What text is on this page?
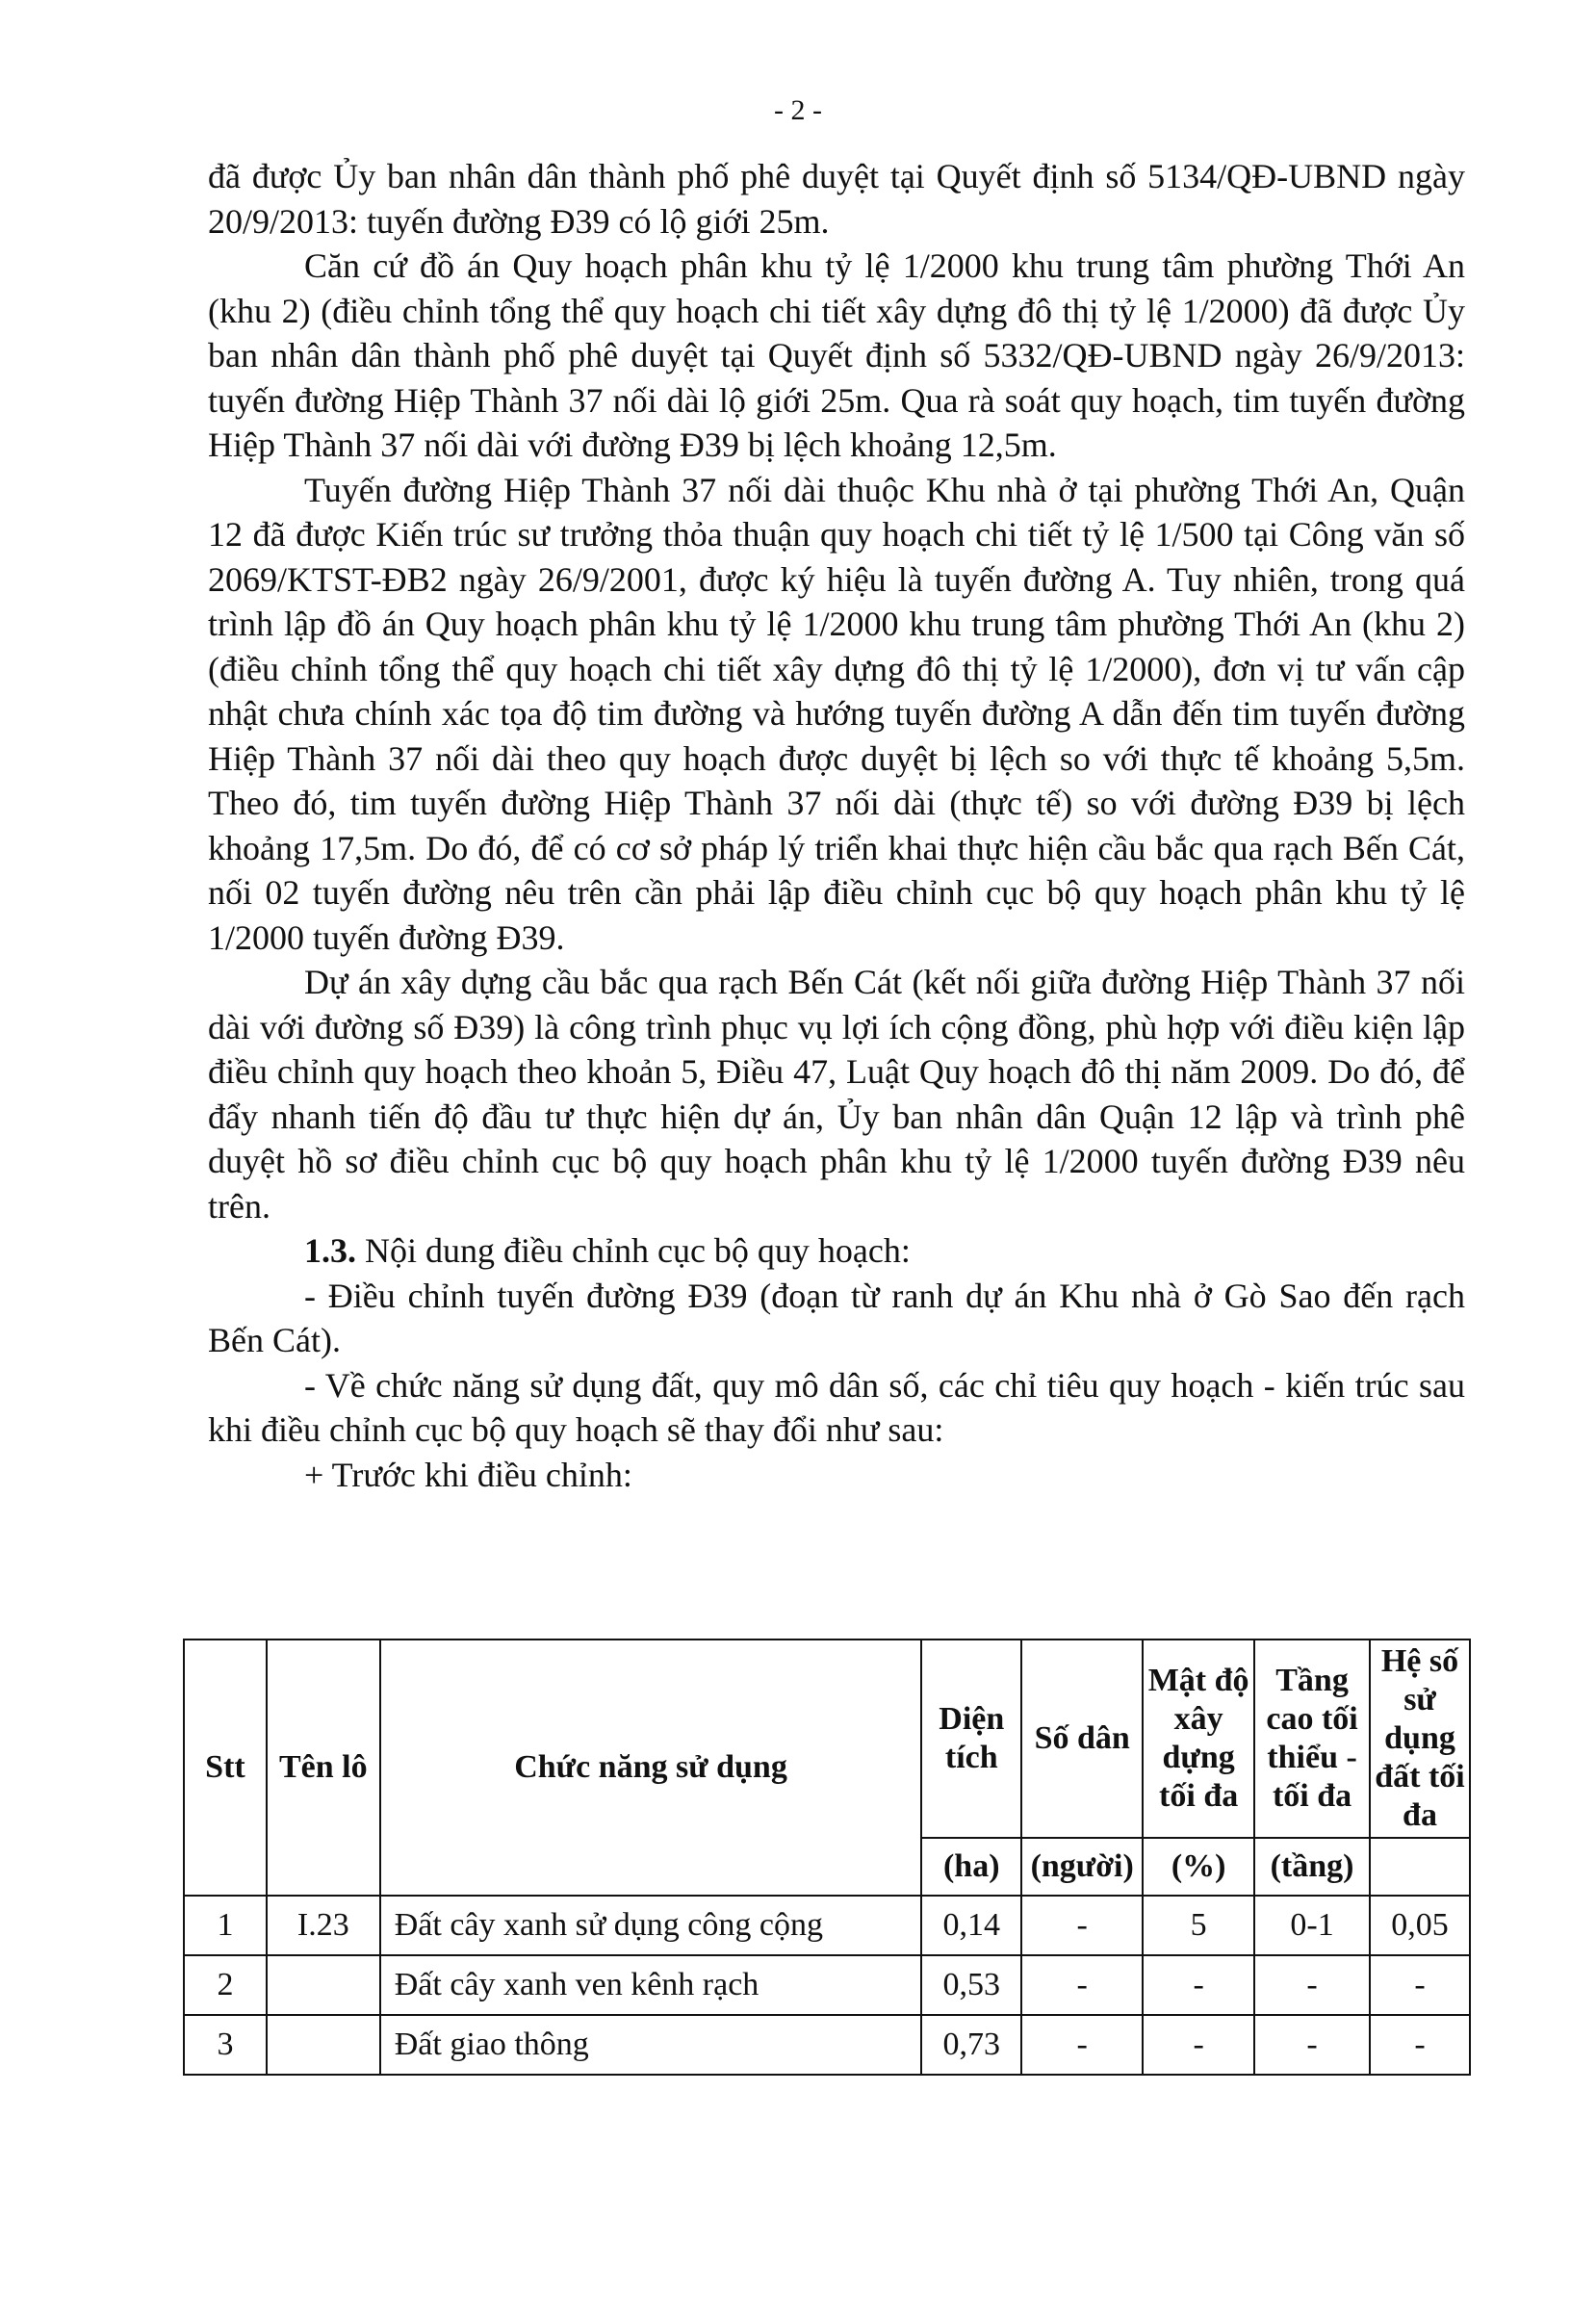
- 2 -

đã được Ủy ban nhân dân thành phố phê duyệt tại Quyết định số 5134/QĐ-UBND ngày 20/9/2013: tuyến đường Đ39 có lộ giới 25m.

Căn cứ đồ án Quy hoạch phân khu tỷ lệ 1/2000 khu trung tâm phường Thới An (khu 2) (điều chỉnh tổng thể quy hoạch chi tiết xây dựng đô thị tỷ lệ 1/2000) đã được Ủy ban nhân dân thành phố phê duyệt tại Quyết định số 5332/QĐ-UBND ngày 26/9/2013: tuyến đường Hiệp Thành 37 nối dài lộ giới 25m. Qua rà soát quy hoạch, tim tuyến đường Hiệp Thành 37 nối dài với đường Đ39 bị lệch khoảng 12,5m.

Tuyến đường Hiệp Thành 37 nối dài thuộc Khu nhà ở tại phường Thới An, Quận 12 đã được Kiến trúc sư trưởng thỏa thuận quy hoạch chi tiết tỷ lệ 1/500 tại Công văn số 2069/KTST-ĐB2 ngày 26/9/2001, được ký hiệu là tuyến đường A. Tuy nhiên, trong quá trình lập đồ án Quy hoạch phân khu tỷ lệ 1/2000 khu trung tâm phường Thới An (khu 2) (điều chỉnh tổng thể quy hoạch chi tiết xây dựng đô thị tỷ lệ 1/2000), đơn vị tư vấn cập nhật chưa chính xác tọa độ tim đường và hướng tuyến đường A dẫn đến tim tuyến đường Hiệp Thành 37 nối dài theo quy hoạch được duyệt bị lệch so với thực tế khoảng 5,5m. Theo đó, tim tuyến đường Hiệp Thành 37 nối dài (thực tế) so với đường Đ39 bị lệch khoảng 17,5m. Do đó, để có cơ sở pháp lý triển khai thực hiện cầu bắc qua rạch Bến Cát, nối 02 tuyến đường nêu trên cần phải lập điều chỉnh cục bộ quy hoạch phân khu tỷ lệ 1/2000 tuyến đường Đ39.

Dự án xây dựng cầu bắc qua rạch Bến Cát (kết nối giữa đường Hiệp Thành 37 nối dài với đường số Đ39) là công trình phục vụ lợi ích cộng đồng, phù hợp với điều kiện lập điều chỉnh quy hoạch theo khoản 5, Điều 47, Luật Quy hoạch đô thị năm 2009. Do đó, để đẩy nhanh tiến độ đầu tư thực hiện dự án, Ủy ban nhân dân Quận 12 lập và trình phê duyệt hồ sơ điều chỉnh cục bộ quy hoạch phân khu tỷ lệ 1/2000 tuyến đường Đ39 nêu trên.

1.3. Nội dung điều chỉnh cục bộ quy hoạch:

- Điều chỉnh tuyến đường Đ39 (đoạn từ ranh dự án Khu nhà ở Gò Sao đến rạch Bến Cát).

- Về chức năng sử dụng đất, quy mô dân số, các chỉ tiêu quy hoạch - kiến trúc sau khi điều chỉnh cục bộ quy hoạch sẽ thay đổi như sau:

+ Trước khi điều chỉnh:

Stt	Tên lô	Chức năng sử dụng	Diện tích	Số dân	Mật độ xây dựng tối đa	Tầng cao tối thiểu - tối đa	Hệ số sử dụng đất tối đa
			(ha)	(người)	(%)	(tầng)	
1	I.23	Đất cây xanh sử dụng công cộng	0,14	-	5	0-1	0,05
2		Đất cây xanh ven kênh rạch	0,53	-	-	-	-
3		Đất giao thông	0,73	-	-	-	-
